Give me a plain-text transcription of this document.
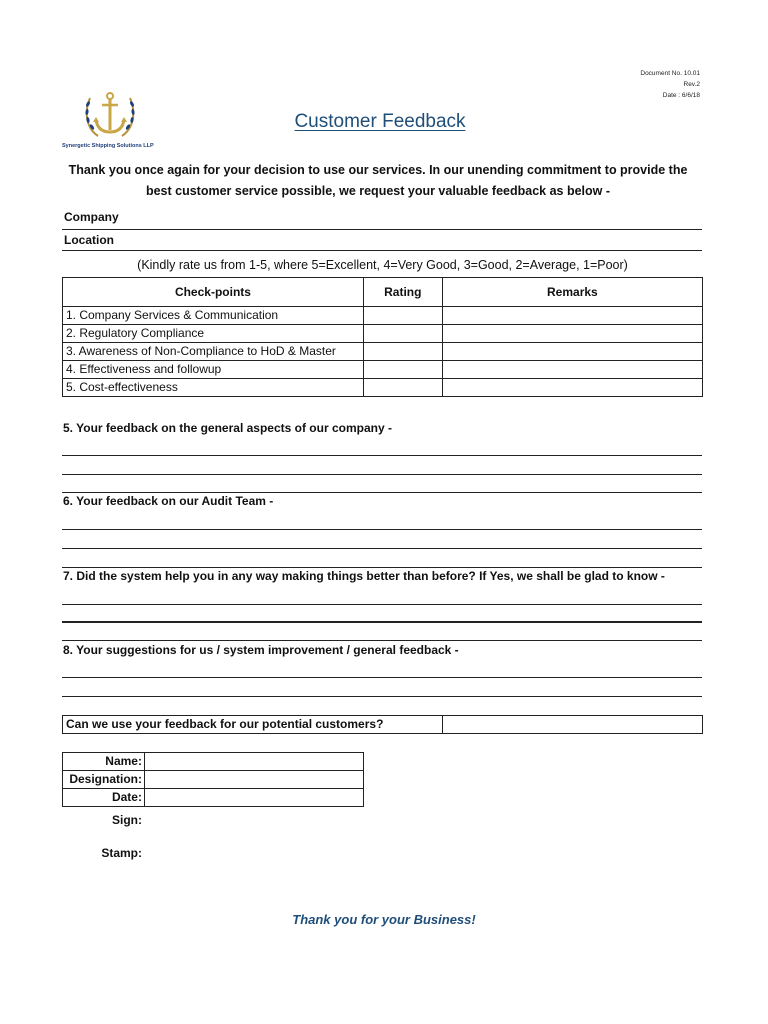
Document No. 10.01
Rev.2
Date : 6/6/18
Synergetic Shipping Solutions LLP
Customer Feedback
Thank you once again for your decision to use our services. In our unending commitment to provide the best customer service possible, we request your valuable feedback as below -
Company
Location
(Kindly rate us from 1-5, where 5=Excellent, 4=Very Good, 3=Good, 2=Average, 1=Poor)
Check-points	Rating	Remarks
1. Company Services & Communication		
2. Regulatory Compliance		
3. Awareness of Non-Compliance to HoD & Master		
4. Effectiveness and followup		
5. Cost-effectiveness		
5. Your feedback on the general aspects of our company -
6. Your feedback on our Audit Team -
7. Did the system help you in any way making things better than before? If Yes, we shall be glad to know -
8. Your suggestions for us / system improvement / general feedback -
Can we use your feedback for our potential customers?	
Name:	
Designation:	
Date:	
Sign:
Stamp:
Thank you for your Business!
